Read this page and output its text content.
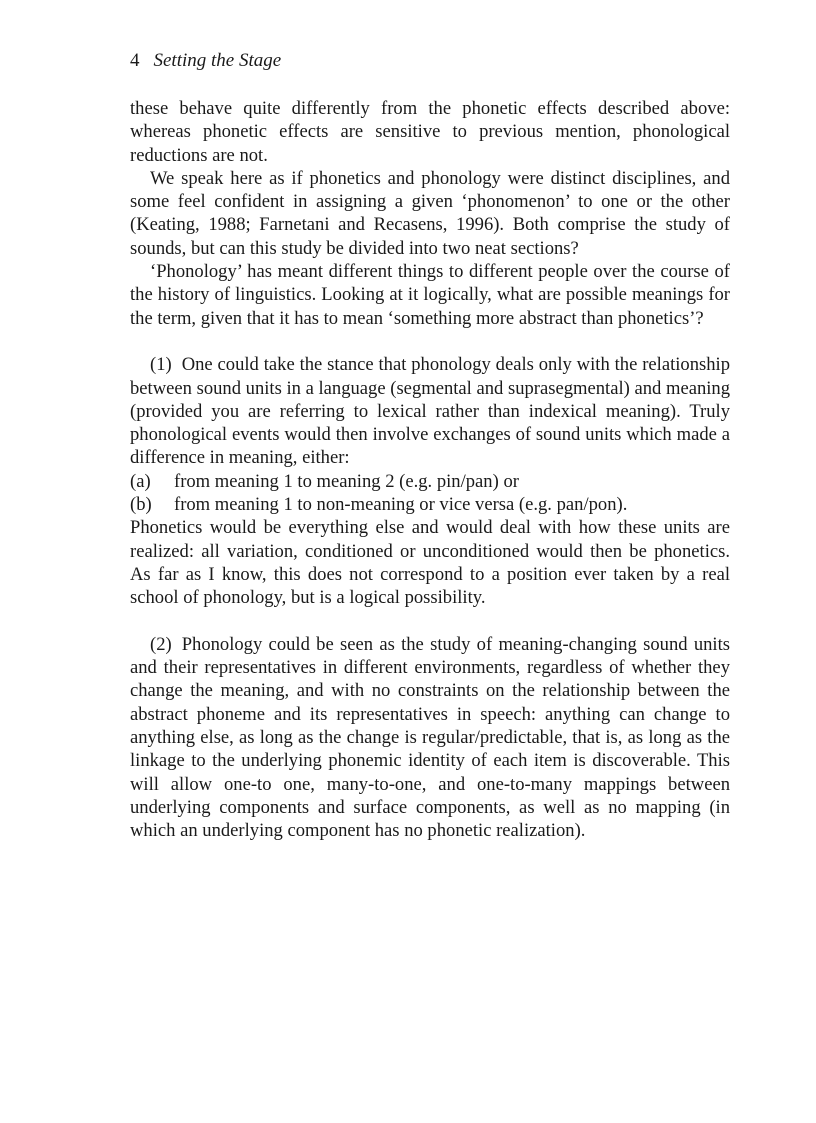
4 Setting the Stage

these behave quite differently from the phonetic effects described above: whereas phonetic effects are sensitive to previous mention, phonological reductions are not.

We speak here as if phonetics and phonology were distinct disciplines, and some feel confident in assigning a given ‘phonomenon’ to one or the other (Keating, 1988; Farnetani and Recasens, 1996). Both comprise the study of sounds, but can this study be divided into two neat sections?

‘Phonology’ has meant different things to different people over the course of the history of linguistics. Looking at it logically, what are possible meanings for the term, given that it has to mean ‘something more abstract than phonetics’?

(1) One could take the stance that phonology deals only with the relationship between sound units in a language (segmental and suprasegmental) and meaning (provided you are referring to lexical rather than indexical meaning). Truly phonological events would then involve exchanges of sound units which made a difference in meaning, either:

(a)	from meaning 1 to meaning 2 (e.g. pin/pan) or
(b)	from meaning 1 to non-meaning or vice versa (e.g. pan/pon).

Phonetics would be everything else and would deal with how these units are realized: all variation, conditioned or unconditioned would then be phonetics. As far as I know, this does not correspond to a position ever taken by a real school of phonology, but is a logical possibility.

(2) Phonology could be seen as the study of meaning-changing sound units and their representatives in different environments, regardless of whether they change the meaning, and with no constraints on the relationship between the abstract phoneme and its representatives in speech: anything can change to anything else, as long as the change is regular/predictable, that is, as long as the linkage to the underlying phonemic identity of each item is discoverable. This will allow one-to one, many-to-one, and one-to-many mappings between underlying components and surface components, as well as no mapping (in which an underlying component has no phonetic realization).
